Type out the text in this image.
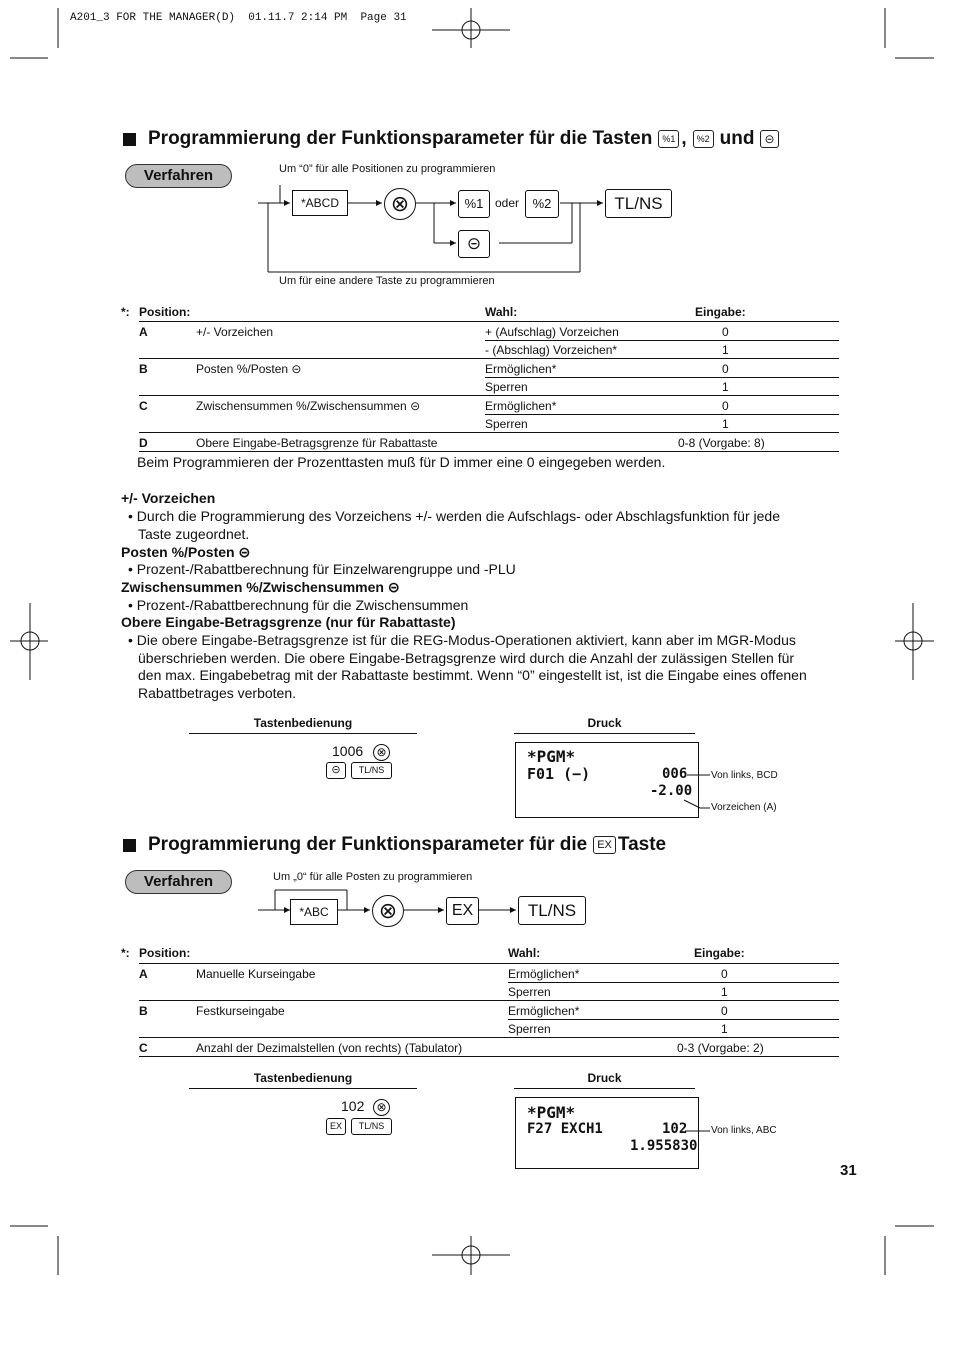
A201_3 FOR THE MANAGER(D)  01.11.7 2:14 PM  Page 31
Programmierung der Funktionsparameter für die Tasten	%1 ,	%2 und ⊝
Verfahren	Um “0” für alle Positionen zu programmieren
*ABCD	⊗	%1 oder	%2
⊝
TL/NS
Um für eine andere Taste zu programmieren
*: Position:	Wahl:	Eingabe:
A	+/- Vorzeichen	+ (Aufschlag) Vorzeichen	0
- (Abschlag) Vorzeichen*	1
B	Posten %/Posten ⊝	Ermöglichen*	0
Sperren	1
C	Zwischensummen %/Zwischensummen ⊝	Ermöglichen*	0
Sperren	1
D	Obere Eingabe-Betragsgrenze für Rabattaste	0-8 (Vorgabe: 8)
Beim Programmieren der Prozenttasten muß für D immer eine 0 eingegeben werden.
+/- Vorzeichen
• Durch die Programmierung des Vorzeichens +/- werden die Aufschlags- oder Abschlagsfunktion für jede
Taste zugeordnet.
Posten %/Posten ⊝
• Prozent-/Rabattberechnung für Einzelwarengruppe und -PLU
Zwischensummen %/Zwischensummen ⊝
• Prozent-/Rabattberechnung für die Zwischensummen
Obere Eingabe-Betragsgrenze (nur für Rabattaste)
• Die obere Eingabe-Betragsgrenze ist für die REG-Modus-Operationen aktiviert, kann aber im MGR-Modus
überschrieben werden. Die obere Eingabe-Betragsgrenze wird durch die Anzahl der zulässigen Stellen für
den max. Eingabebetrag mit der Rabattaste bestimmt. Wenn “0” eingestellt ist, ist die Eingabe eines offenen
Rabattbetrages verboten.
Tastenbedienung	Druck
1006 ⊗
⊝	TL/NS
*PGM*
F01 (−)	006
-2.00
Von links, BCD
Vorzeichen (A)
Programmierung der Funktionsparameter für die EX Taste
Verfahren	Um „0“ für alle Posten zu programmieren
*ABC	⊗	EX	TL/NS
*: Position:	Wahl:	Eingabe:
A	Manuelle Kurseingabe	Ermöglichen*	0
Sperren	1
B	Festkurseingabe	Ermöglichen*	0
Sperren	1
C	Anzahl der Dezimalstellen (von rechts) (Tabulator)	0-3 (Vorgabe: 2)
Tastenbedienung	Druck
102 ⊗
EX	TL/NS
*PGM*
F27 EXCH1	102
1.955830
Von links, ABC
31
